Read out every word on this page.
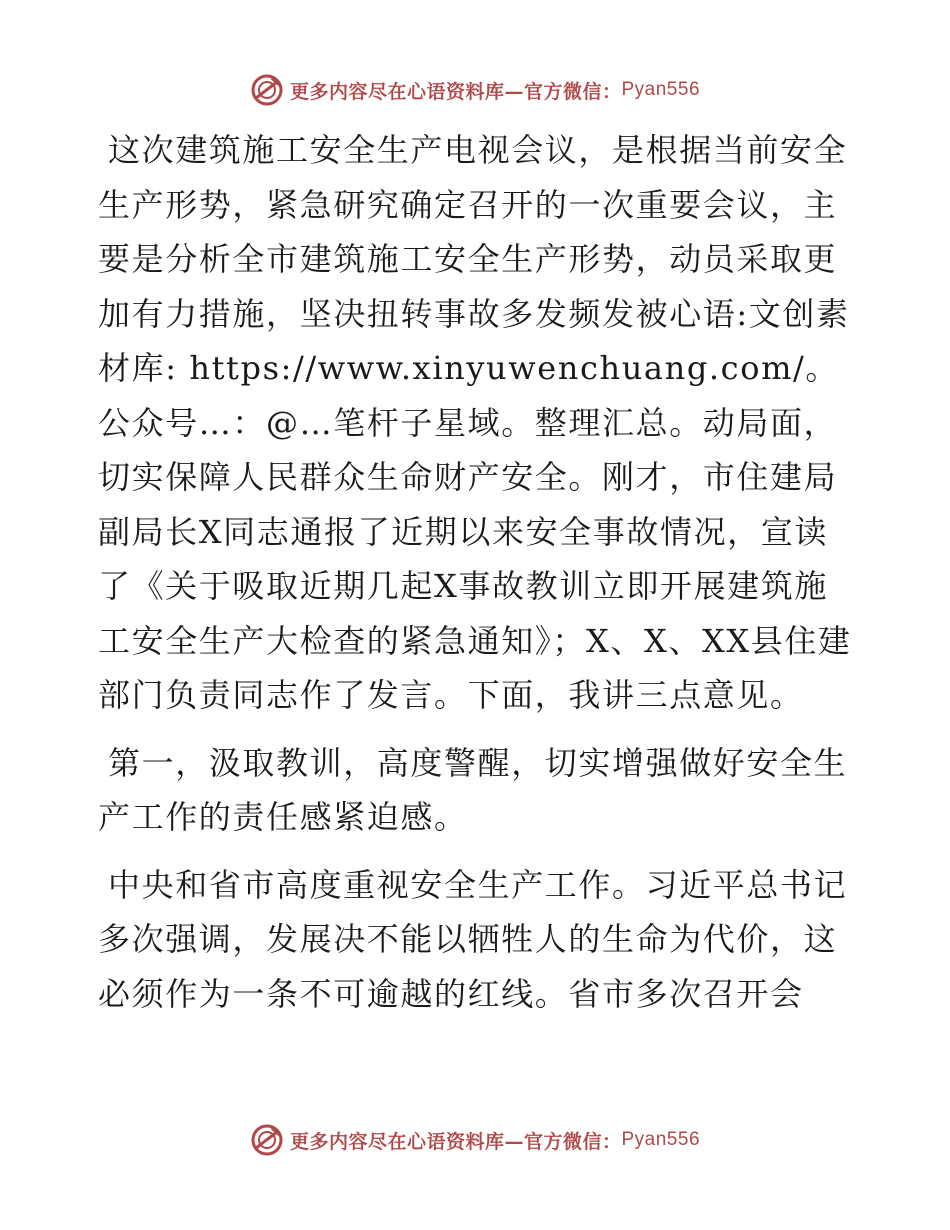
更多内容尽在心语资料库—官方微信： Pyan556

这次建筑施工安全生产电视会议，是根据当前安全生产形势，紧急研究确定召开的一次重要会议，主要是分析全市建筑施工安全生产形势，动员采取更加有力措施，坚决扭转事故多发频发被心语:文创素材库: https://www.xinyuwenchuang.com/。公众号…：@…笔杆子星域。整理汇总。动局面，切实保障人民群众生命财产安全。刚才，市住建局副局长X同志通报了近期以来安全事故情况，宣读了《关于吸取近期几起X事故教训立即开展建筑施工安全生产大检查的紧急通知》；X、X、XX县住建部门负责同志作了发言。下面，我讲三点意见。

第一，汲取教训，高度警醒，切实增强做好安全生产工作的责任感紧迫感。

中央和省市高度重视安全生产工作。习近平总书记多次强调，发展决不能以牺牲人的生命为代价，这必须作为一条不可逾越的红线。省市多次召开会

更多内容尽在心语资料库—官方微信： Pyan556
